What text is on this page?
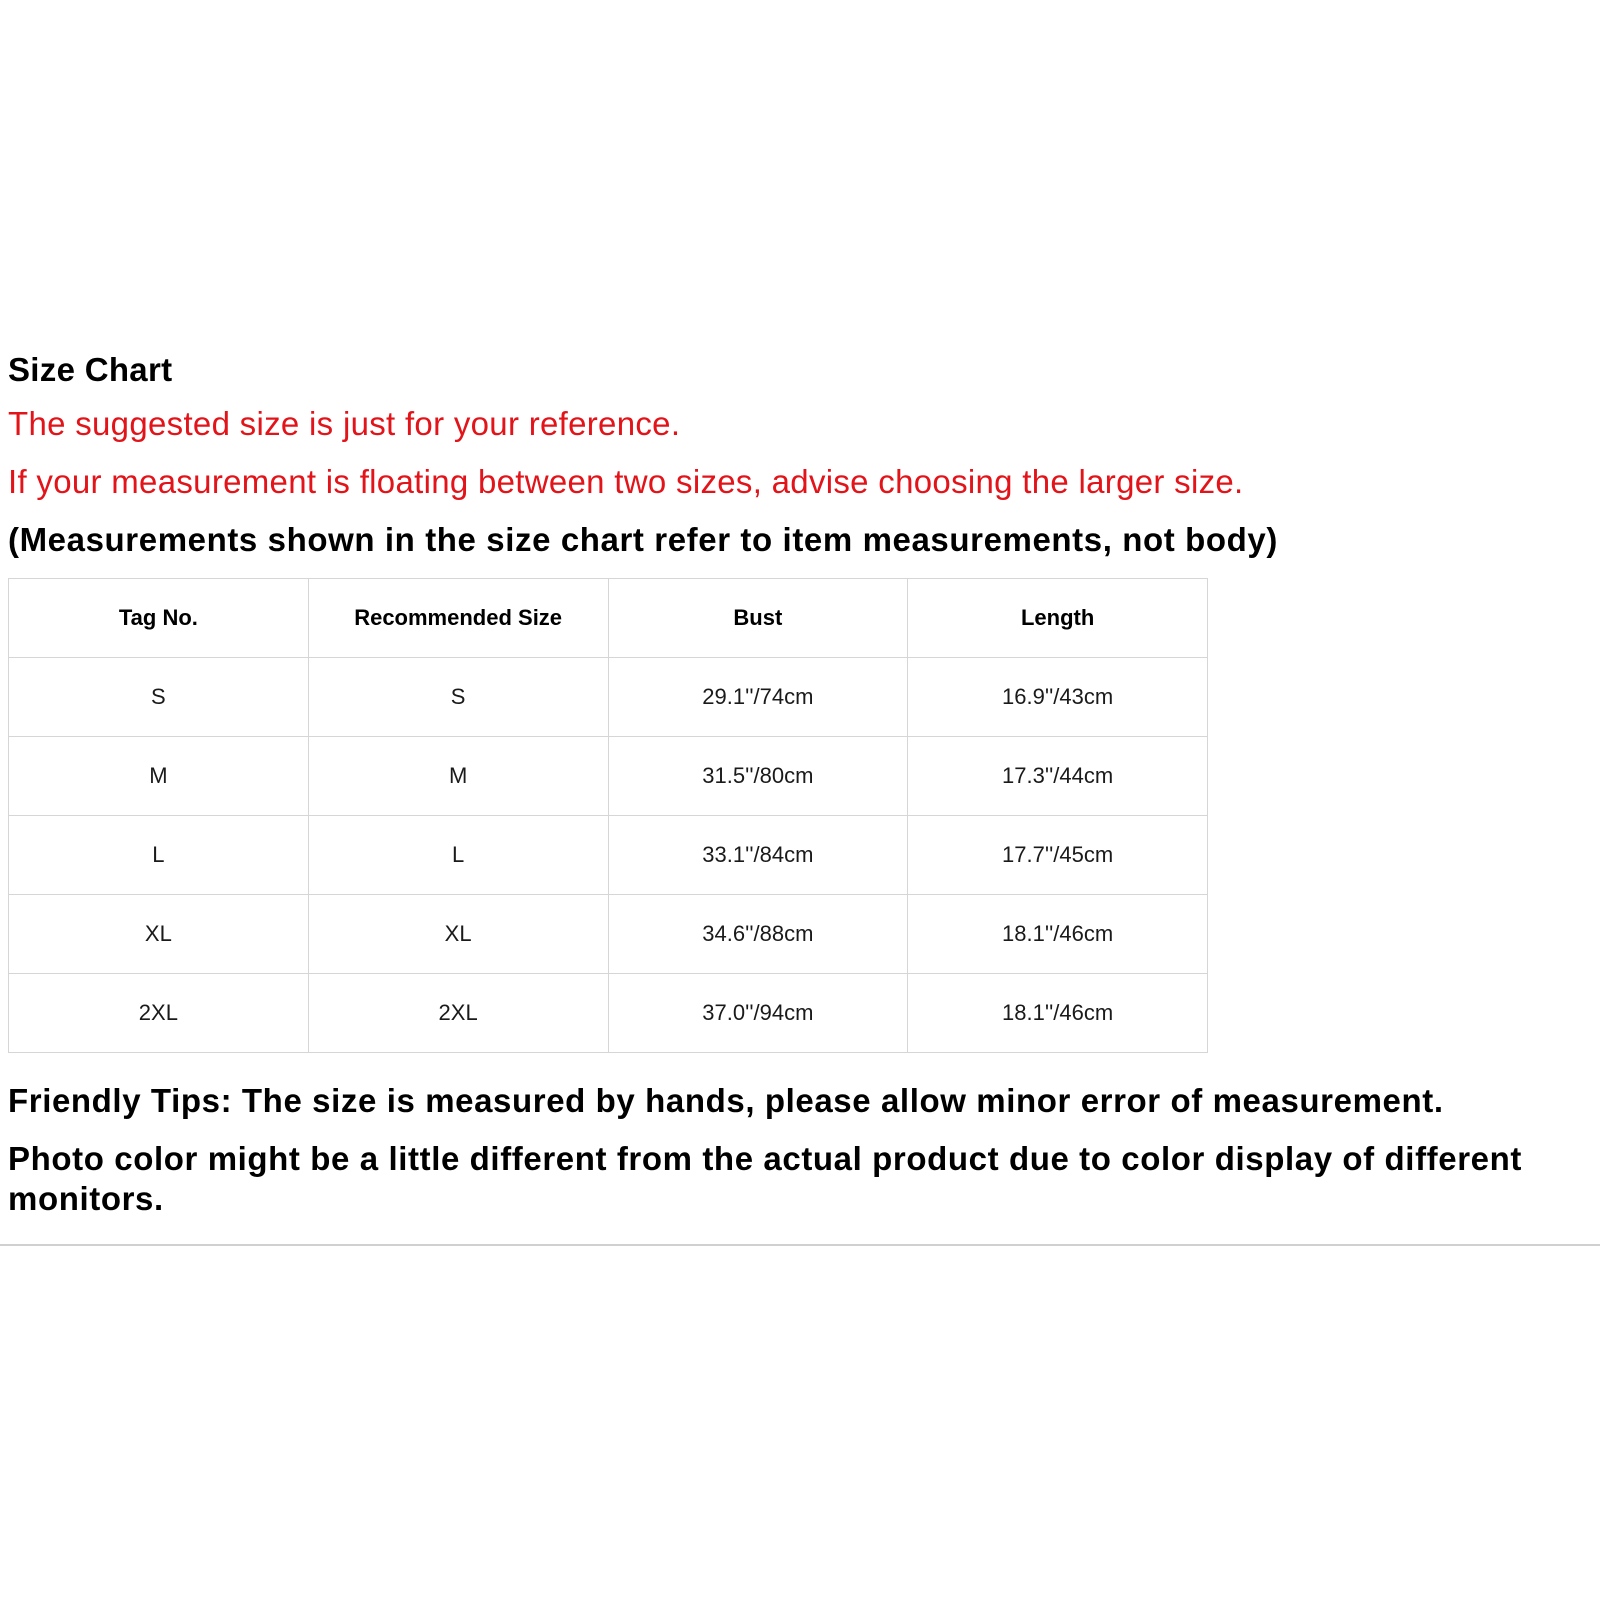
Size Chart
The suggested size is just for your reference.
If your measurement is floating between two sizes, advise choosing the larger size.
(Measurements shown in the size chart refer to item measurements, not body)
Tag No.	Recommended Size	Bust	Length
S	S	29.1''/74cm	16.9''/43cm
M	M	31.5''/80cm	17.3''/44cm
L	L	33.1''/84cm	17.7''/45cm
XL	XL	34.6''/88cm	18.1''/46cm
2XL	2XL	37.0''/94cm	18.1''/46cm
Friendly Tips: The size is measured by hands, please allow minor error of measurement.
Photo color might be a little different from the actual product due to color display of different monitors.
